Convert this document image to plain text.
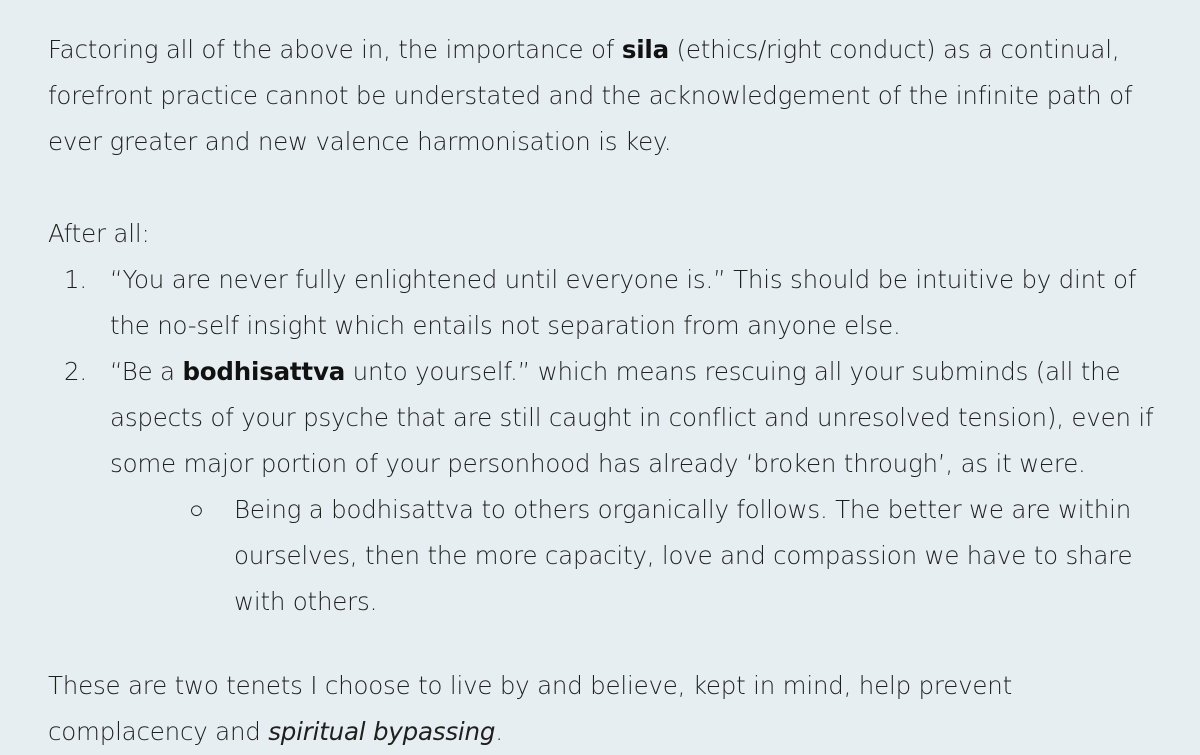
Factoring all of the above in, the importance of sila (ethics/right conduct) as a continual, forefront practice cannot be understated and the acknowledgement of the infinite path of ever greater and new valence harmonisation is key.

After all:

1. “You are never fully enlightened until everyone is.” This should be intuitive by dint of the no-self insight which entails not separation from anyone else.
2. “Be a bodhisattva unto yourself.” which means rescuing all your subminds (all the aspects of your psyche that are still caught in conflict and unresolved tension), even if some major portion of your personhood has already ‘broken through’, as it were.
○ Being a bodhisattva to others organically follows. The better we are within ourselves, then the more capacity, love and compassion we have to share with others.

These are two tenets I choose to live by and believe, kept in mind, help prevent complacency and spiritual bypassing.
